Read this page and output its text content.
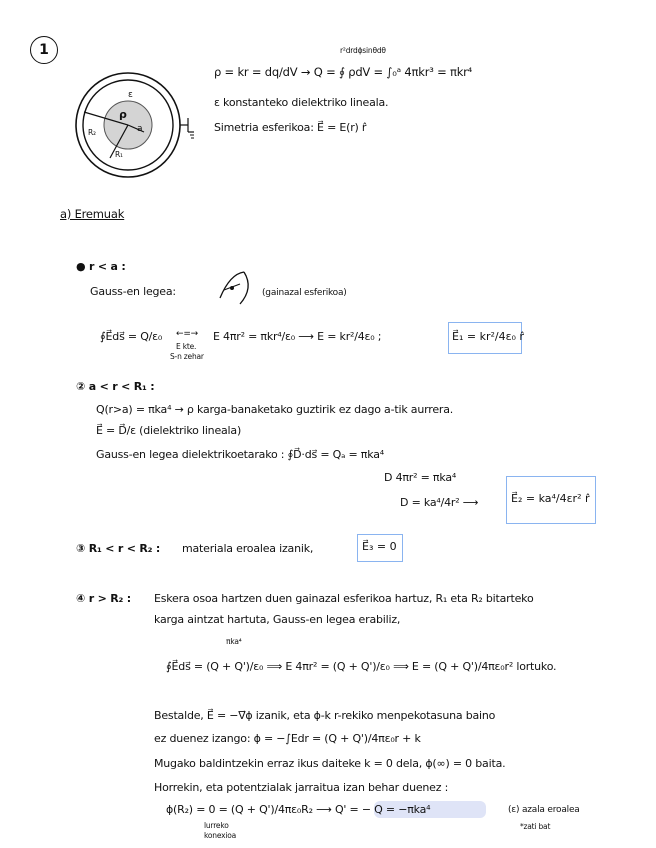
1
ε
ρ
a
R₂
R₁
r²drdϕsinθdθ
ρ = kr = dq/dV → Q = ∮ ρdV = ∫₀ᵃ 4πkr³ = πkr⁴
ε konstanteko dielektriko lineala.
Simetria esferikoa: E⃗ = E(r) r̂
a) Eremuak
● r < a :
Gauss-en legea:	(gainazal esferikoa)
∮E⃗ds⃗ = Q/ε₀ ←=→
E kte.
S-n zehar
E 4πr² = πkr⁴/ε₀ ⟶ E = kr²/4ε₀ ;	E⃗₁ = kr²/4ε₀ r̂
② a < r < R₁ :
Q(r>a) = πka⁴ → ρ karga-banaketako guztirik ez dago a-tik aurrera.
E⃗ = D⃗/ε (dielektriko lineala)
Gauss-en legea dielektrikoetarako : ∮D⃗·ds⃗ = Qₐ = πka⁴
D 4πr² = πka⁴
D = ka⁴/4r² ⟶	E⃗₂ = ka⁴/4εr² r̂
③ R₁ < r < R₂ : materiala eroalea izanik,	E⃗₃ = 0
④ r > R₂ : Eskera osoa hartzen duen gainazal esferikoa hartuz, R₁ eta R₂ bitarteko
karga aintzat hartuta, Gauss-en legea erabiliz,
πka⁴
∮E⃗ds⃗ = (Q + Q')/ε₀ ⟹ E 4πr² = (Q + Q')/ε₀ ⟹ E = (Q + Q')/4πε₀r² lortuko.
Bestalde, E⃗ = −∇⃗ϕ izanik, eta ϕ-k r-rekiko menpekotasuna baino
ez duenez izango: ϕ = −∫Edr = (Q + Q')/4πε₀r + k
Mugako baldintzekin erraz ikus daiteke k = 0 dela, ϕ(∞) = 0 baita.
Horrekin, eta potentzialak jarraitua izan behar duenez :
ϕ(R₂) = 0 = (Q + Q')/4πε₀R₂ ⟶ Q' = − Q = −πka⁴	(ε) azala eroalea
lurreko
konexioa
*zati bat
